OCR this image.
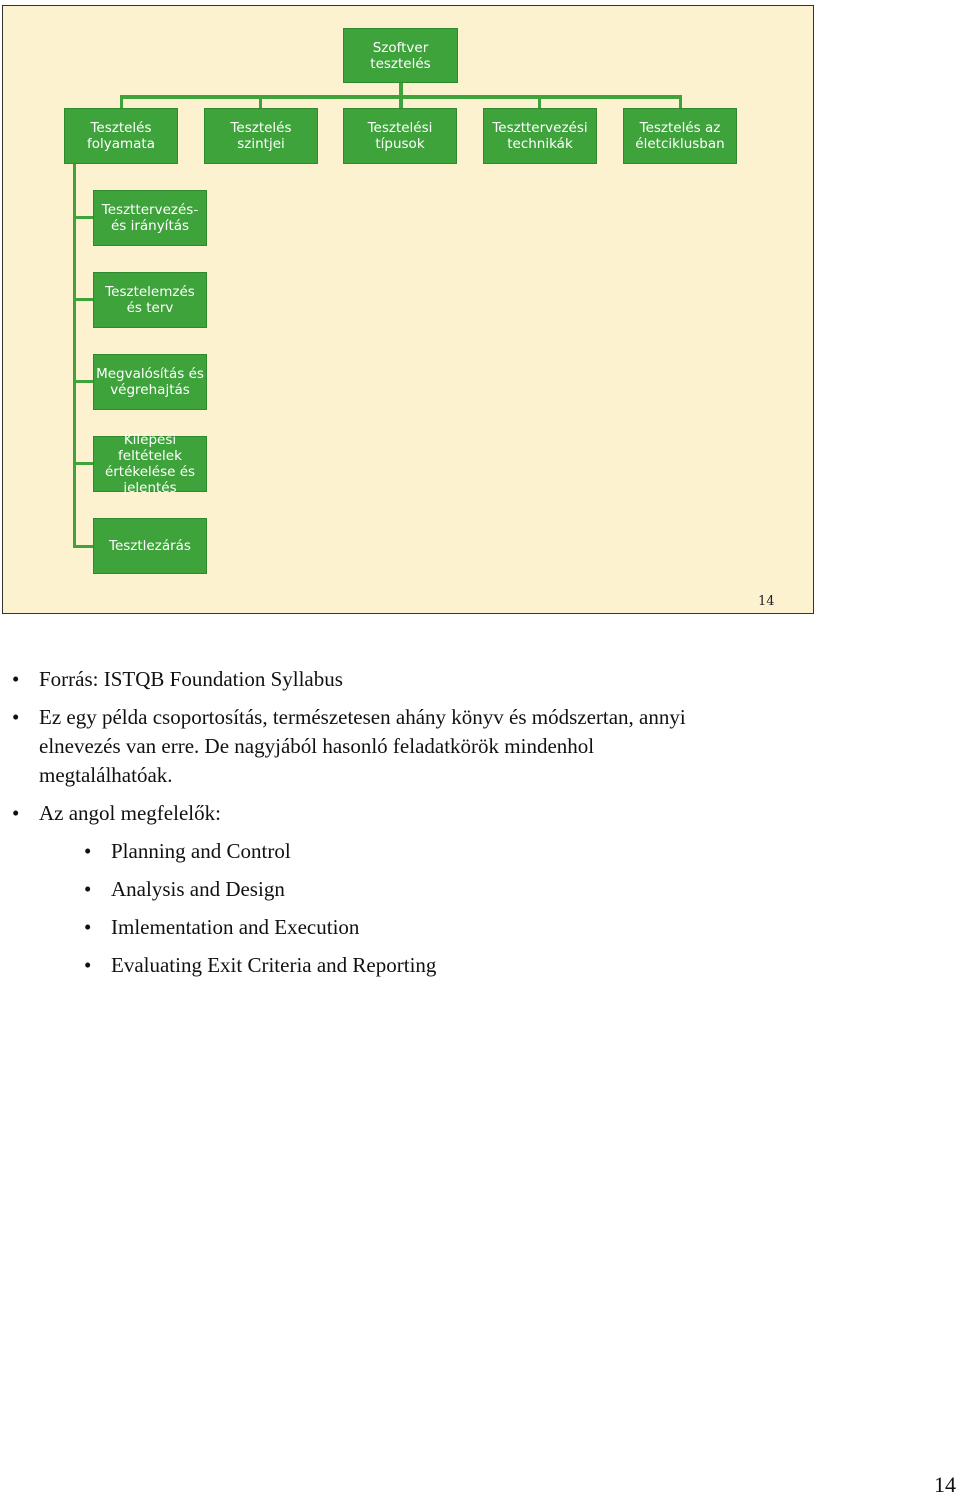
Szoftver tesztelés
Tesztelés folyamata
Tesztelés szintjei
Tesztelési típusok
Teszttervezési technikák
Tesztelés az életciklusban
Teszttervezés- és irányítás
Tesztelemzés és terv
Megvalósítás és végrehajtás
Kilépési feltételek értékelése és jelentés
Tesztlezárás
14
• Forrás: ISTQB Foundation Syllabus
• Ez egy példa csoportosítás, természetesen ahány könyv és módszertan, annyi
elnevezés van erre. De nagyjából hasonló feladatkörök mindenhol
megtalálhatóak.
• Az angol megfelelők:
• Planning and Control
• Analysis and Design
• Imlementation and Execution
• Evaluating Exit Criteria and Reporting
14
